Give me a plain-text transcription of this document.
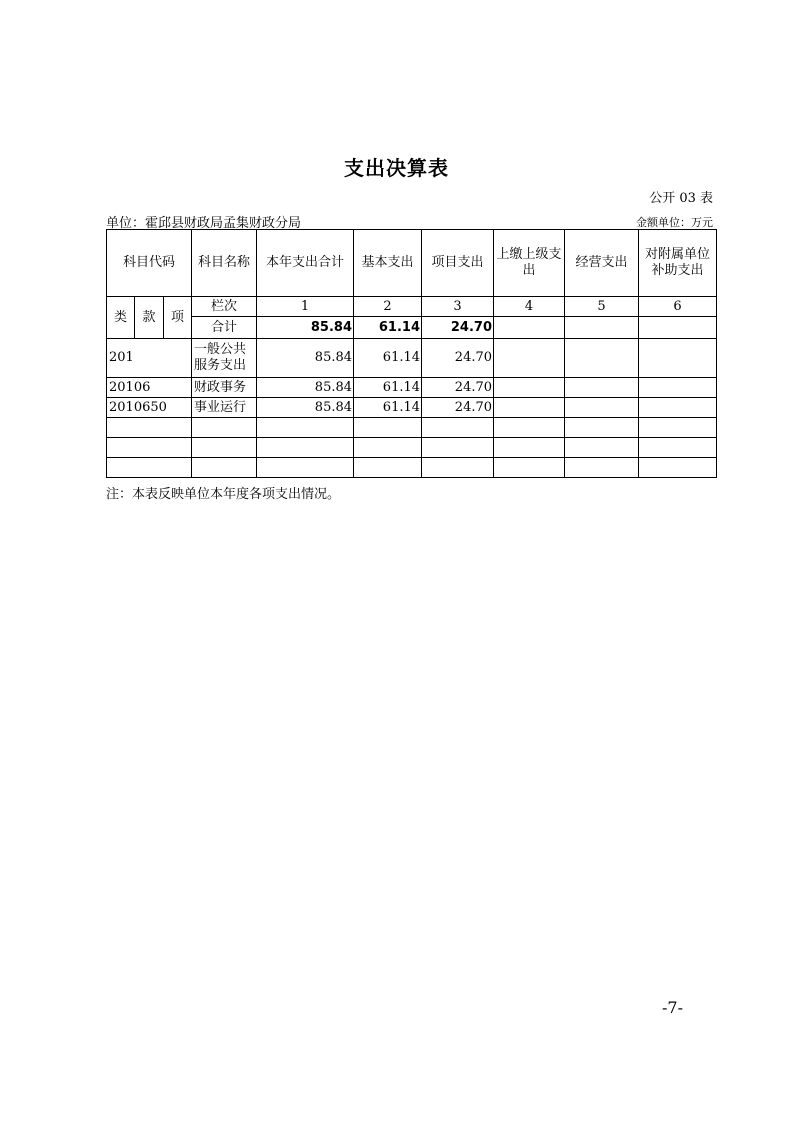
支出决算表
公开 03 表
单位：霍邱县财政局孟集财政分局	金额单位：万元
科目代码			科目名称	本年支出合计	基本支出	项目支出	上缴上级支出	经营支出	对附属单位补助支出
类	款	项	栏次	1	2	3	4	5	6
			合计	85.84	61.14	24.70			
201			一般公共服务支出	85.84	61.14	24.70			
20106			财政事务	85.84	61.14	24.70			
2010650			事业运行	85.84	61.14	24.70			

注：本表反映单位本年度各项支出情况。
-7-
